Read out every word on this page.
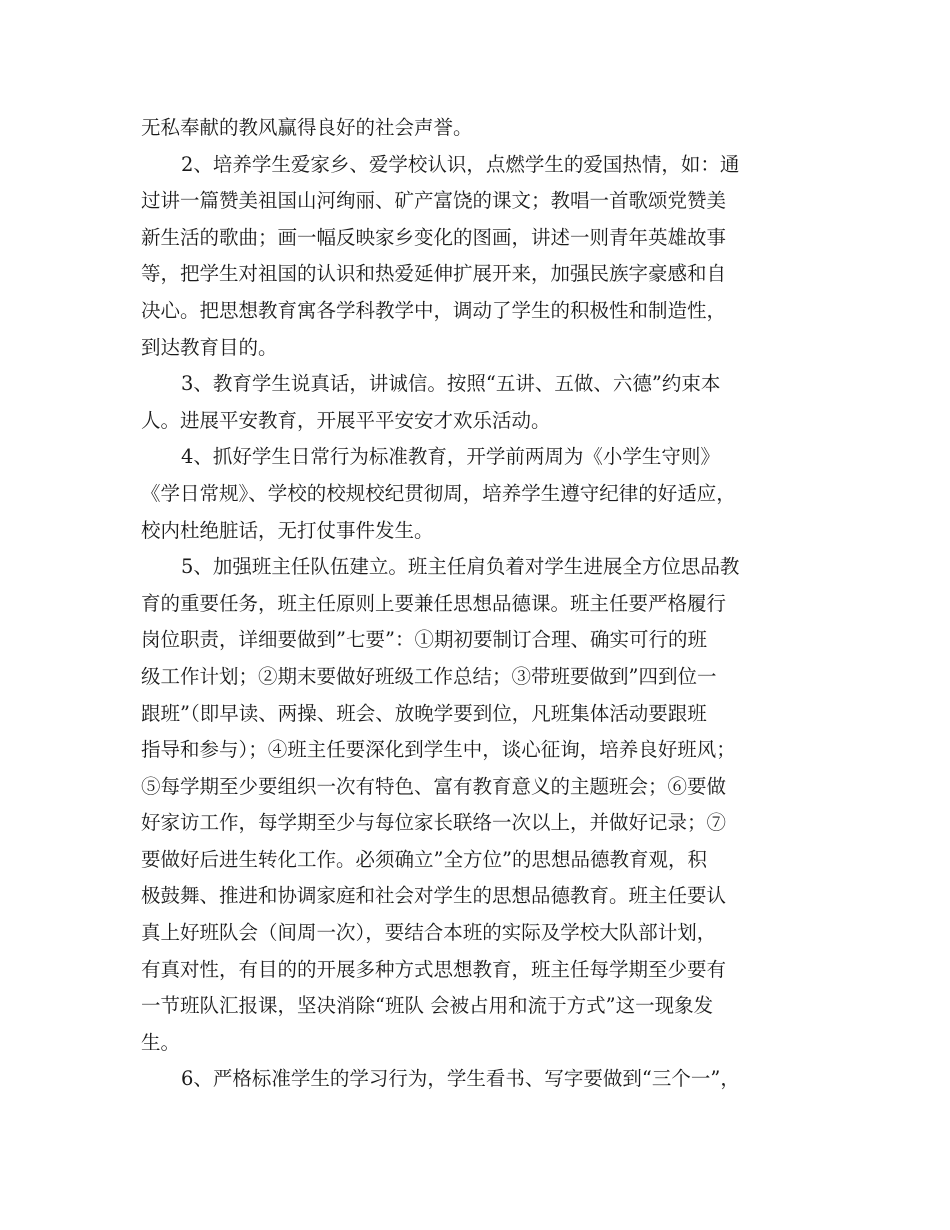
无私奉献的教风赢得良好的社会声誉。
2、培养学生爱家乡、爱学校认识，点燃学生的爱国热情，如：通
过讲一篇赞美祖国山河绚丽、矿产富饶的课文；教唱一首歌颂党赞美
新生活的歌曲；画一幅反映家乡变化的图画，讲述一则青年英雄故事
等，把学生对祖国的认识和热爱延伸扩展开来，加强民族字豪感和自
决心。把思想教育寓各学科教学中，调动了学生的积极性和制造性，
到达教育目的。
3、教育学生说真话，讲诚信。按照“五讲、五做、六德”约束本
人。进展平安教育，开展平平安安才欢乐活动。
4、抓好学生日常行为标准教育，开学前两周为《小学生守则》
《学日常规》、学校的校规校纪贯彻周，培养学生遵守纪律的好适应，
校内杜绝脏话，无打仗事件发生。
5、加强班主任队伍建立。班主任肩负着对学生进展全方位思品教
育的重要任务，班主任原则上要兼任思想品德课。班主任要严格履行
岗位职责，详细要做到”七要”：①期初要制订合理、确实可行的班
级工作计划；②期末要做好班级工作总结；③带班要做到”四到位一
跟班”（即早读、两操、班会、放晚学要到位，凡班集体活动要跟班
指导和参与）；④班主任要深化到学生中，谈心征询，培养良好班风；
⑤每学期至少要组织一次有特色、富有教育意义的主题班会；⑥要做
好家访工作，每学期至少与每位家长联络一次以上，并做好记录；⑦
要做好后进生转化工作。必须确立”全方位”的思想品德教育观，积
极鼓舞、推进和协调家庭和社会对学生的思想品德教育。班主任要认
真上好班队会（间周一次），要结合本班的实际及学校大队部计划，
有真对性，有目的的开展多种方式思想教育，班主任每学期至少要有
一节班队汇报课，坚决消除“班队 会被占用和流于方式”这一现象发
生。
6、严格标准学生的学习行为，学生看书、写字要做到“三个一”，
